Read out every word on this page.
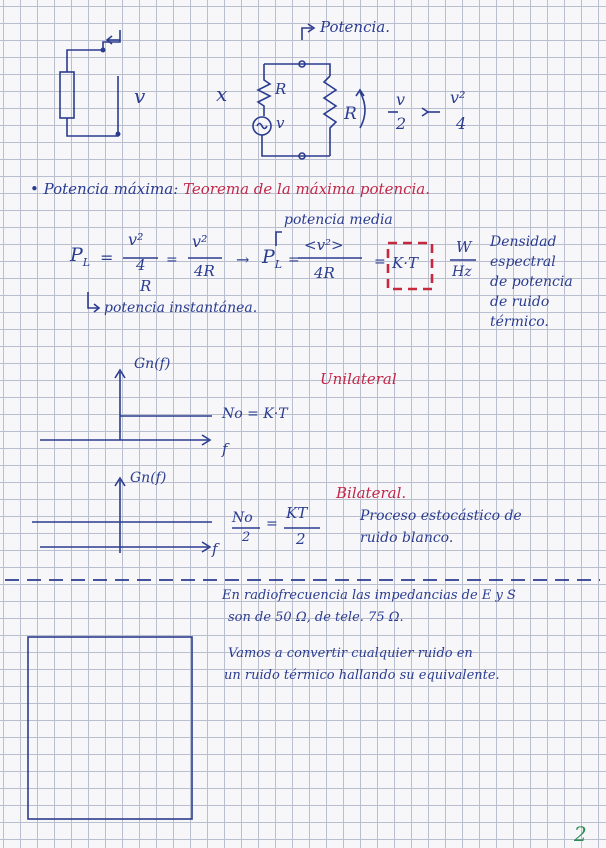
v	x	R
v	R
Potencia.
v
2
v²
4
• Potencia máxima: Teorema de la máxima potencia.
$P_L$ =
v²
4
R
=
v²
4R
→ $P_L$ =
<v²>
4R
= K·T
W
Hz
potencia media
potencia instantánea.
Densidad
espectral
de potencia
de ruido
térmico.
Gn(f)
No = K·T
f
Unilateral
Gn(f)
No
2
=
KT
2
f
Bilateral.
Proceso estocástico de
ruido blanco.
En radiofrecuencia las impedancias de E y S
son de 50 Ω, de tele. 75 Ω.
Vamos a convertir cualquier ruido en
un ruido térmico hallando su equivalente.
2
